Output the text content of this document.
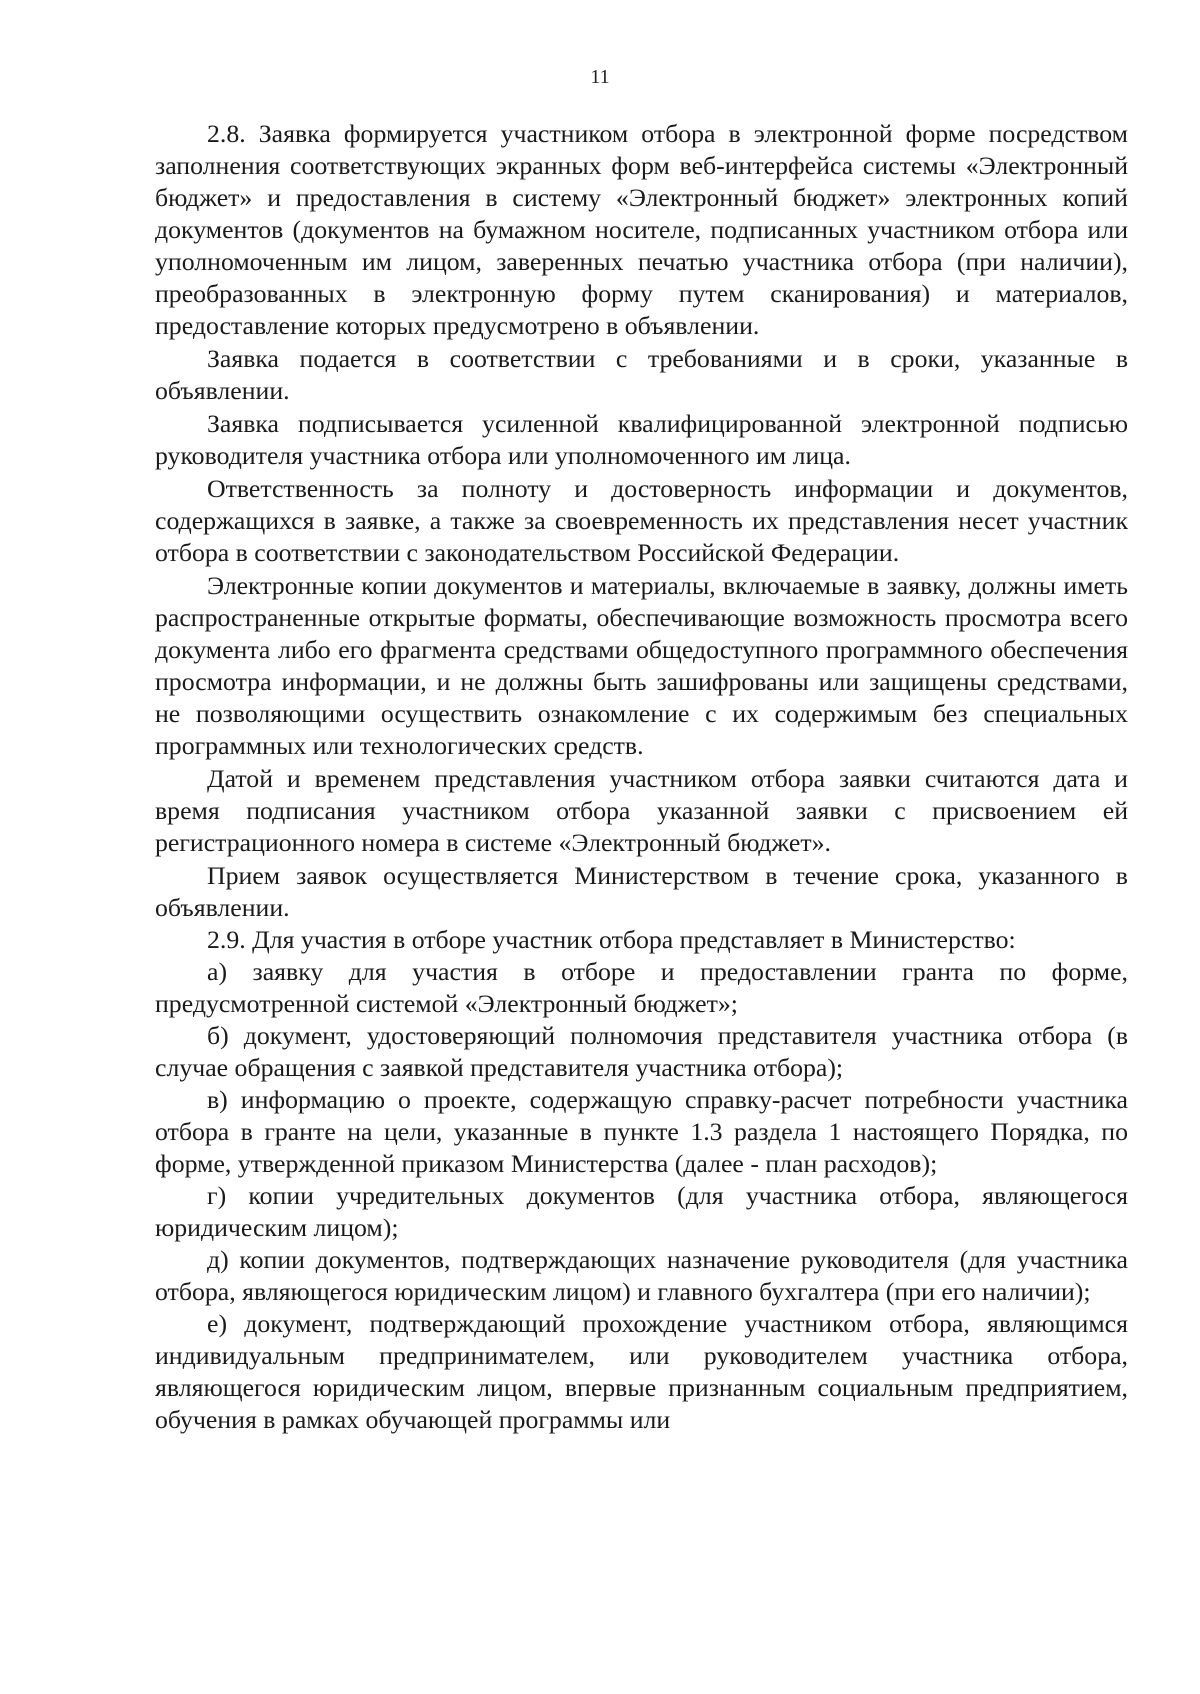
11

2.8. Заявка формируется участником отбора в электронной форме посредством заполнения соответствующих экранных форм веб-интерфейса системы «Электронный бюджет» и предоставления в систему «Электронный бюджет» электронных копий документов (документов на бумажном носителе, подписанных участником отбора или уполномоченным им лицом, заверенных печатью участника отбора (при наличии), преобразованных в электронную форму путем сканирования) и материалов, предоставление которых предусмотрено в объявлении.

Заявка подается в соответствии с требованиями и в сроки, указанные в объявлении.

Заявка подписывается усиленной квалифицированной электронной подписью руководителя участника отбора или уполномоченного им лица.

Ответственность за полноту и достоверность информации и документов, содержащихся в заявке, а также за своевременность их представления несет участник отбора в соответствии с законодательством Российской Федерации.

Электронные копии документов и материалы, включаемые в заявку, должны иметь распространенные открытые форматы, обеспечивающие возможность просмотра всего документа либо его фрагмента средствами общедоступного программного обеспечения просмотра информации, и не должны быть зашифрованы или защищены средствами, не позволяющими осуществить ознакомление с их содержимым без специальных программных или технологических средств.

Датой и временем представления участником отбора заявки считаются дата и время подписания участником отбора указанной заявки с присвоением ей регистрационного номера в системе «Электронный бюджет».

Прием заявок осуществляется Министерством в течение срока, указанного в объявлении.

2.9. Для участия в отборе участник отбора представляет в Министерство:

а) заявку для участия в отборе и предоставлении гранта по форме, предусмотренной системой «Электронный бюджет»;

б) документ, удостоверяющий полномочия представителя участника отбора (в случае обращения с заявкой представителя участника отбора);

в) информацию о проекте, содержащую справку-расчет потребности участника отбора в гранте на цели, указанные в пункте 1.3 раздела 1 настоящего Порядка, по форме, утвержденной приказом Министерства (далее - план расходов);

г) копии учредительных документов (для участника отбора, являющегося юридическим лицом);

д) копии документов, подтверждающих назначение руководителя (для участника отбора, являющегося юридическим лицом) и главного бухгалтера (при его наличии);

е) документ, подтверждающий прохождение участником отбора, являющимся индивидуальным предпринимателем, или руководителем участника отбора, являющегося юридическим лицом, впервые признанным социальным предприятием, обучения в рамках обучающей программы или
